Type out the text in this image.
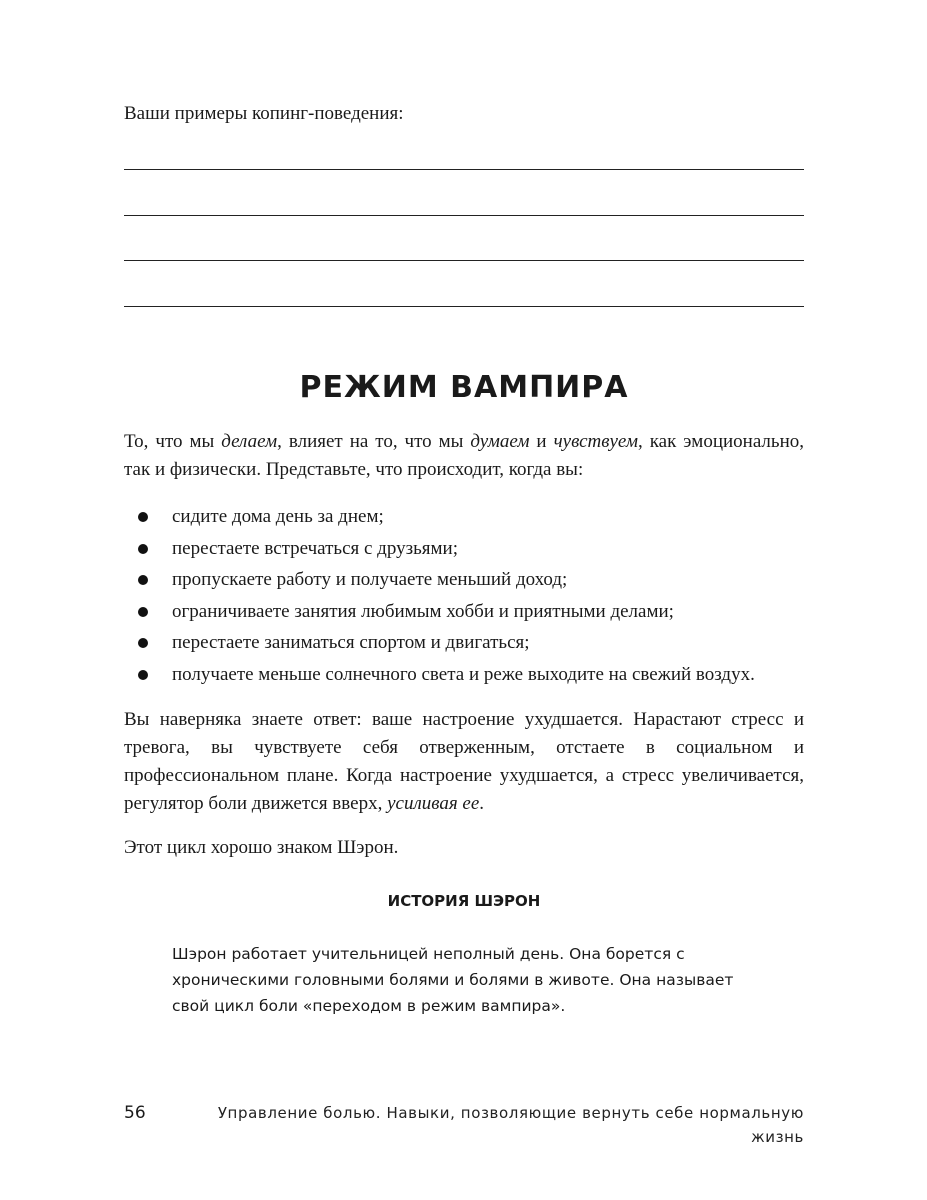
Ваши примеры копинг-поведения:
РЕЖИМ ВАМПИРА

То, что мы делаем, влияет на то, что мы думаем и чувствуем, как эмоционально, так и физически. Представьте, что происходит, когда вы:

сидите дома день за днем;
перестаете встречаться с друзьями;
пропускаете работу и получаете меньший доход;
ограничиваете занятия любимым хобби и приятными делами;
перестаете заниматься спортом и двигаться;
получаете меньше солнечного света и реже выходите на свежий воздух.

Вы наверняка знаете ответ: ваше настроение ухудшается. Нарастают стресс и тревога, вы чувствуете себя отверженным, отстаете в социальном и профессиональном плане. Когда настроение ухудшается, а стресс увеличивается, регулятор боли движется вверх, усиливая ее.

Этот цикл хорошо знаком Шэрон.

ИСТОРИЯ ШЭРОН

Шэрон работает учительницей неполный день. Она борется с хроническими головными болями и болями в животе. Она называет свой цикл боли «переходом в режим вампира».

56	Управление болью. Навыки, позволяющие вернуть себе нормальную жизнь
